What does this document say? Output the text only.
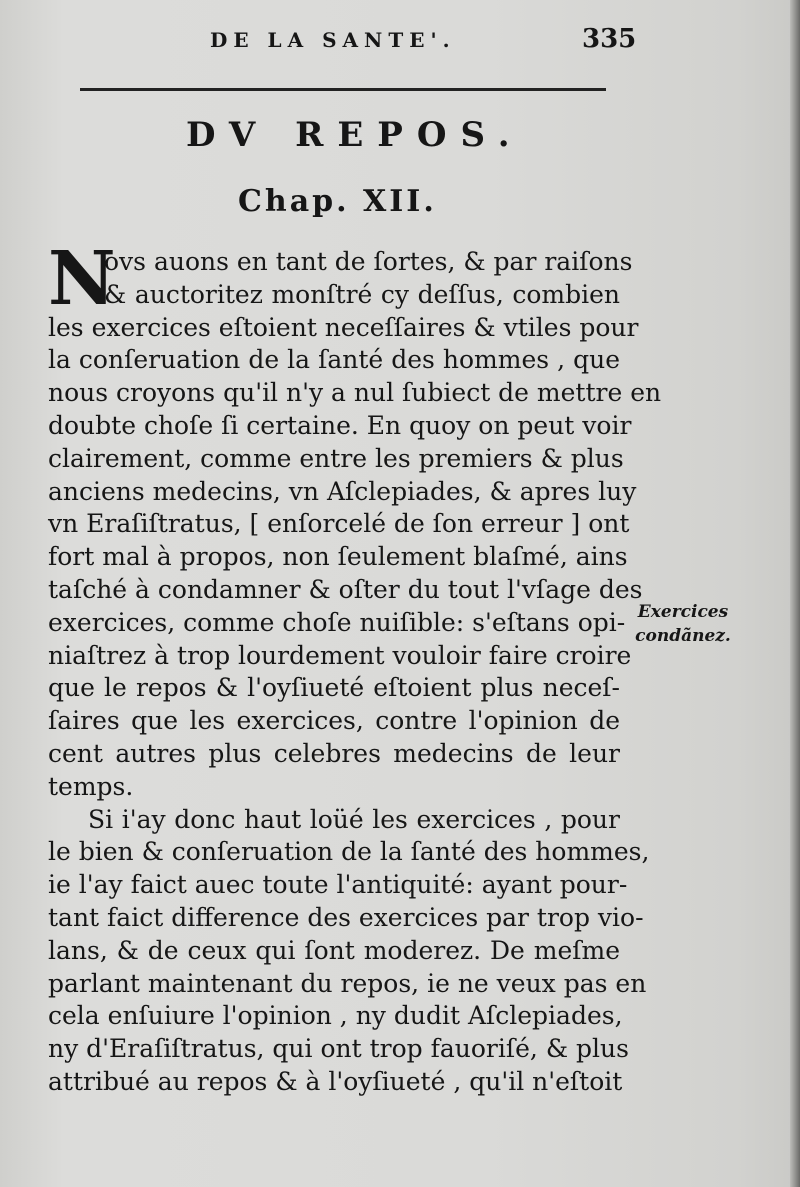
DE LA SANTE'.	335
DV REPOS.
Chap. XII.
N
ovs auons en tant de ſortes, & par raiſons
& auctoritez monſtré cy deſſus, combien
les exercices eſtoient neceſſaires & vtiles pour
la conſeruation de la ſanté des hommes , que
nous croyons qu'il n'y a nul ſubiect de mettre en
doubte choſe ſi certaine. En quoy on peut voir
clairement, comme entre les premiers & plus
anciens medecins, vn Aſclepiades, & apres luy
vn Eraſiſtratus, [ enſorcelé de ſon erreur ] ont
fort mal à propos, non ſeulement blaſmé, ains
taſché à condamner & oſter du tout l'vſage des
exercices, comme choſe nuiſible: s'eſtans opi-
niaſtrez à trop lourdement vouloir faire croire
que le repos & l'oyſiueté eſtoient plus neceſ-
ſaires que les exercices, contre l'opinion de
cent autres plus celebres medecins de leur
temps.
Si i'ay donc haut loüé les exercices , pour
le bien & conſeruation de la ſanté des hommes,
ie l'ay faict auec toute l'antiquité: ayant pour-
tant faict difference des exercices par trop vio-
lans, & de ceux qui ſont moderez. De meſme
parlant maintenant du repos, ie ne veux pas en
cela enſuiure l'opinion , ny dudit Aſclepiades,
ny d'Eraſiſtratus, qui ont trop fauoriſé, & plus
attribué au repos & à l'oyſiueté , qu'il n'eſtoit
Exercices
condãnez.
